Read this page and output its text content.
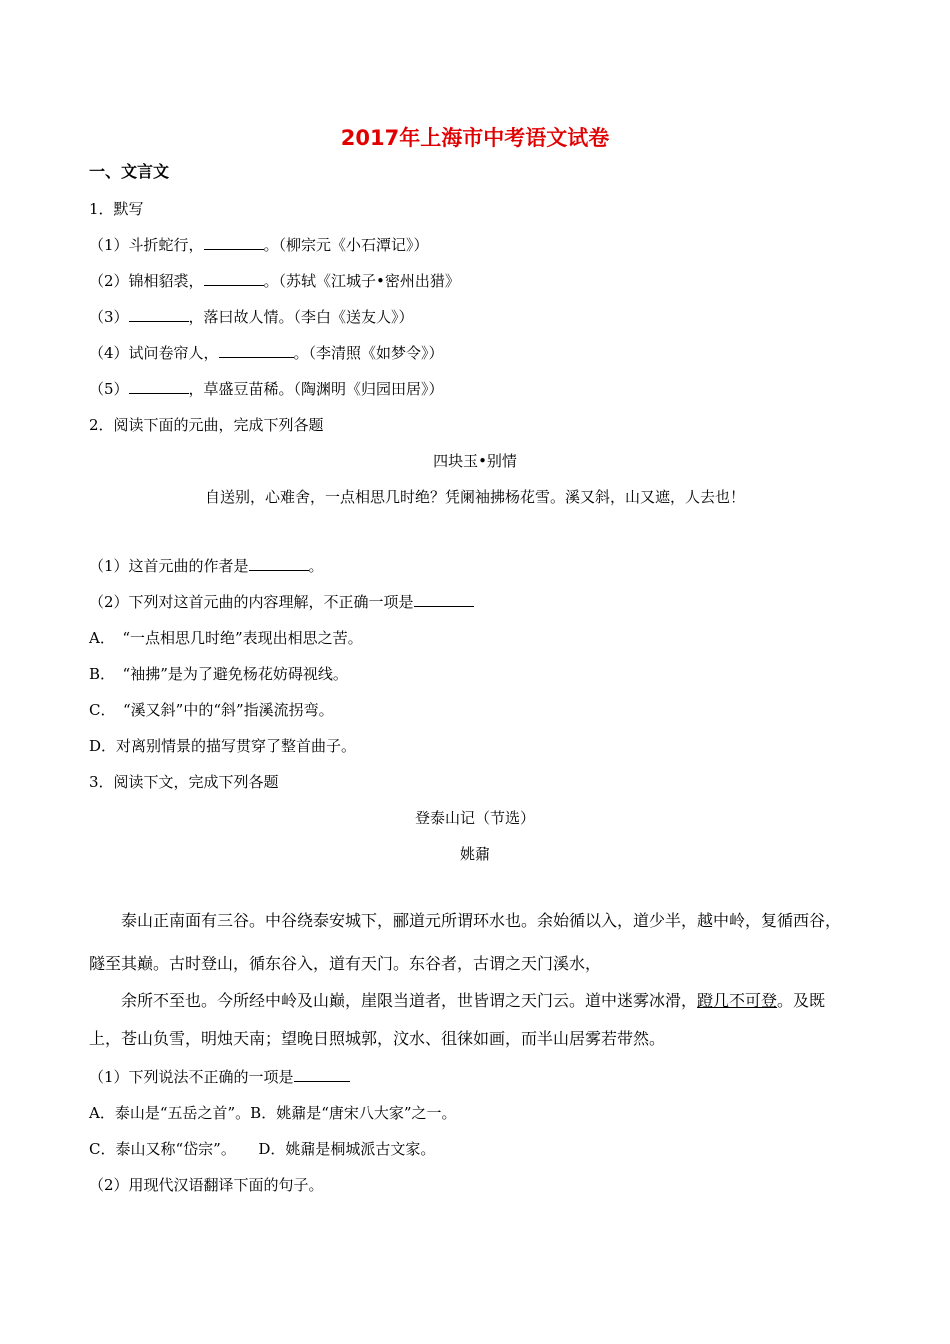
2017年上海市中考语文试卷
一、文言文
1．默写
（1）斗折蛇行，	。（柳宗元《小石潭记》）
（2）锦相貂裘，	。（苏轼《江城子•密州出猎》
（3）	，落曰故人情。（李白《送友人》）
（4）试问卷帘人，	。（李清照《如梦令》）
（5）	，草盛豆苗稀。（陶渊明《归园田居》）
2．阅读下面的元曲，完成下列各题
四块玉•别情
自送别，心难舍，一点相思几时绝？凭阑袖拂杨花雪。溪又斜，山又遮，人去也！
（1）这首元曲的作者是	。
（2）下列对这首元曲的内容理解，不正确一项是
A．　“一点相思几时绝”表现出相思之苦。
B．　“袖拂”是为了避免杨花妨碍视线。
C．　“溪又斜”中的“斜”指溪流拐弯。
D．对离别情景的描写贯穿了整首曲子。
3．阅读下文，完成下列各题
登泰山记（节选）
姚鼐
泰山正南面有三谷。中谷绕泰安城下，郦道元所谓环水也。余始循以入，道少半，越中岭，复循西谷，
隧至其巅。古时登山，循东谷入，道有天门。东谷者，古谓之天门溪水，
余所不至也。今所经中岭及山巅，崖限当道者，世皆谓之天门云。道中迷雾冰滑，蹬几不可登。及既
上，苍山负雪，明烛天南；望晚日照城郭，汶水、徂徕如画，而半山居雾若带然。
（1）下列说法不正确的一项是
A．泰山是“五岳之首”。B．姚鼐是“唐宋八大家”之一。
C．泰山又称“岱宗”。　　D．姚鼐是桐城派古文家。
（2）用现代汉语翻译下面的句子。
